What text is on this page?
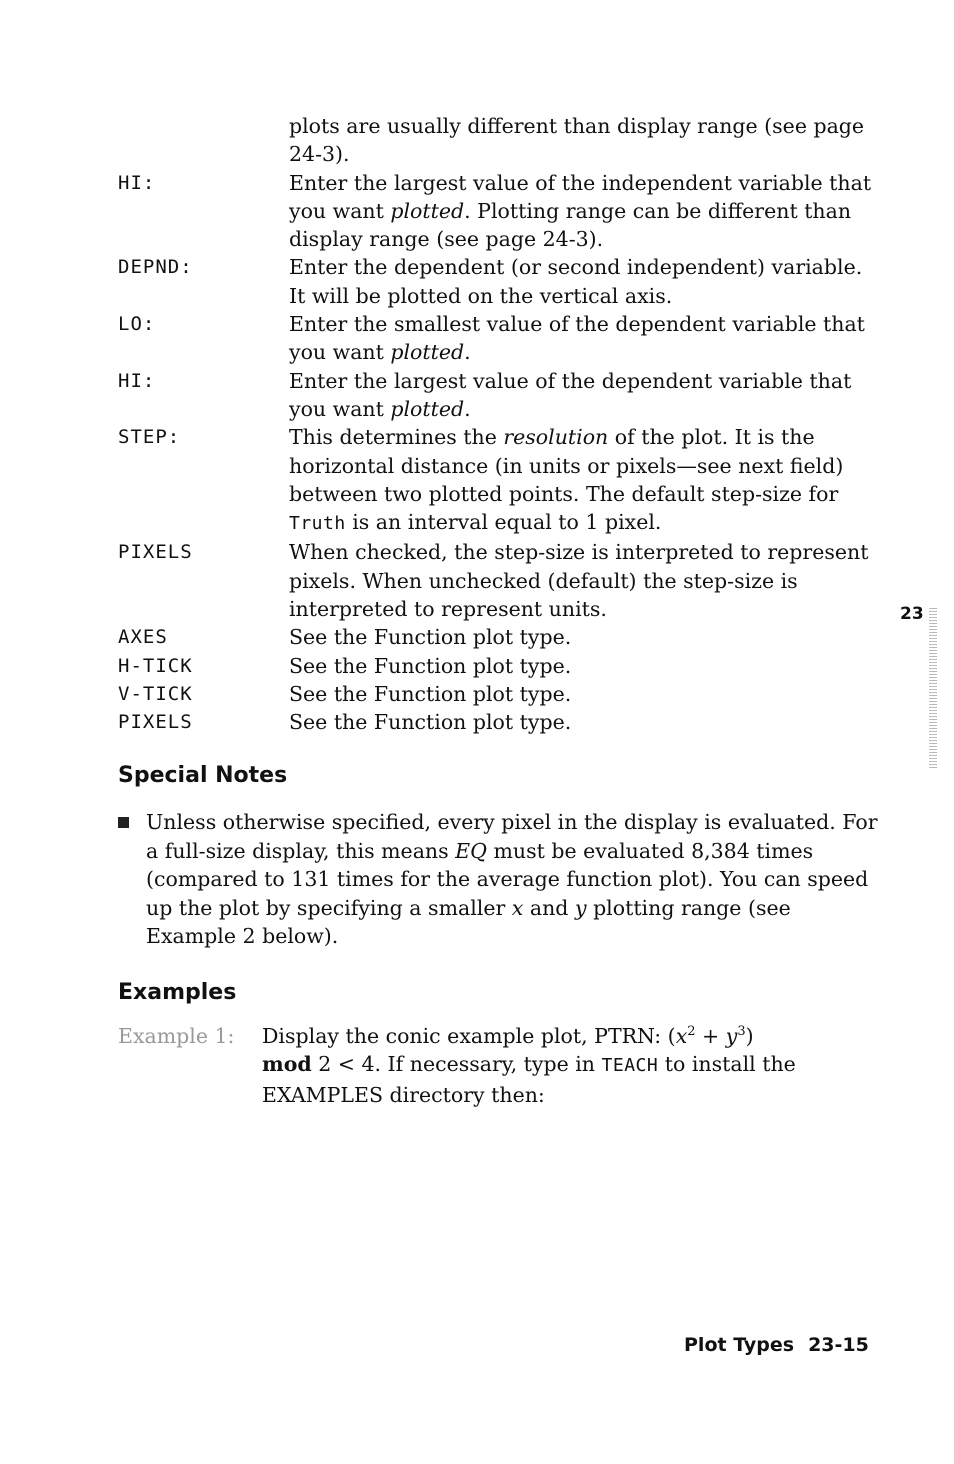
plots are usually different than display range (see page 24-3).
HI:	Enter the largest value of the independent variable that you want plotted. Plotting range can be different than display range (see page 24-3).
DEPND:	Enter the dependent (or second independent) variable. It will be plotted on the vertical axis.
LO:	Enter the smallest value of the dependent variable that you want plotted.
HI:	Enter the largest value of the dependent variable that you want plotted.
STEP:	This determines the resolution of the plot. It is the horizontal distance (in units or pixels—see next field) between two plotted points. The default step-size for Truth is an interval equal to 1 pixel.
PIXELS	When checked, the step-size is interpreted to represent pixels. When unchecked (default) the step-size is interpreted to represent units.
AXES	See the Function plot type.
H-TICK	See the Function plot type.
V-TICK	See the Function plot type.
PIXELS	See the Function plot type.
Special Notes
Unless otherwise specified, every pixel in the display is evaluated. For a full-size display, this means EQ must be evaluated 8,384 times (compared to 131 times for the average function plot). You can speed up the plot by specifying a smaller x and y plotting range (see Example 2 below).
Examples
Example 1: Display the conic example plot, PTRN: $(x^2 + y^3)$
mod 2 < 4. If necessary, type in TEACH to install the EXAMPLES directory then:
23
Plot Types 23-15
